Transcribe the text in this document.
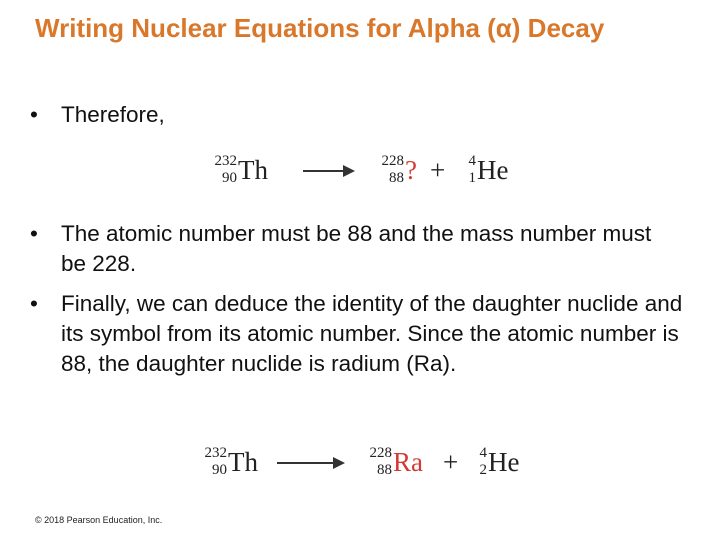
Writing Nuclear Equations for Alpha (α) Decay
•	Therefore,
232
90 Th	228
88 ? + 4
1 He
•	The atomic number must be 88 and the mass number must be 228.
•	Finally, we can deduce the identity of the daughter nuclide and its symbol from its atomic number. Since the atomic number is 88, the daughter nuclide is radium (Ra).
232
90 Th	228
88 Ra + 4
2 He
© 2018 Pearson Education, Inc.
